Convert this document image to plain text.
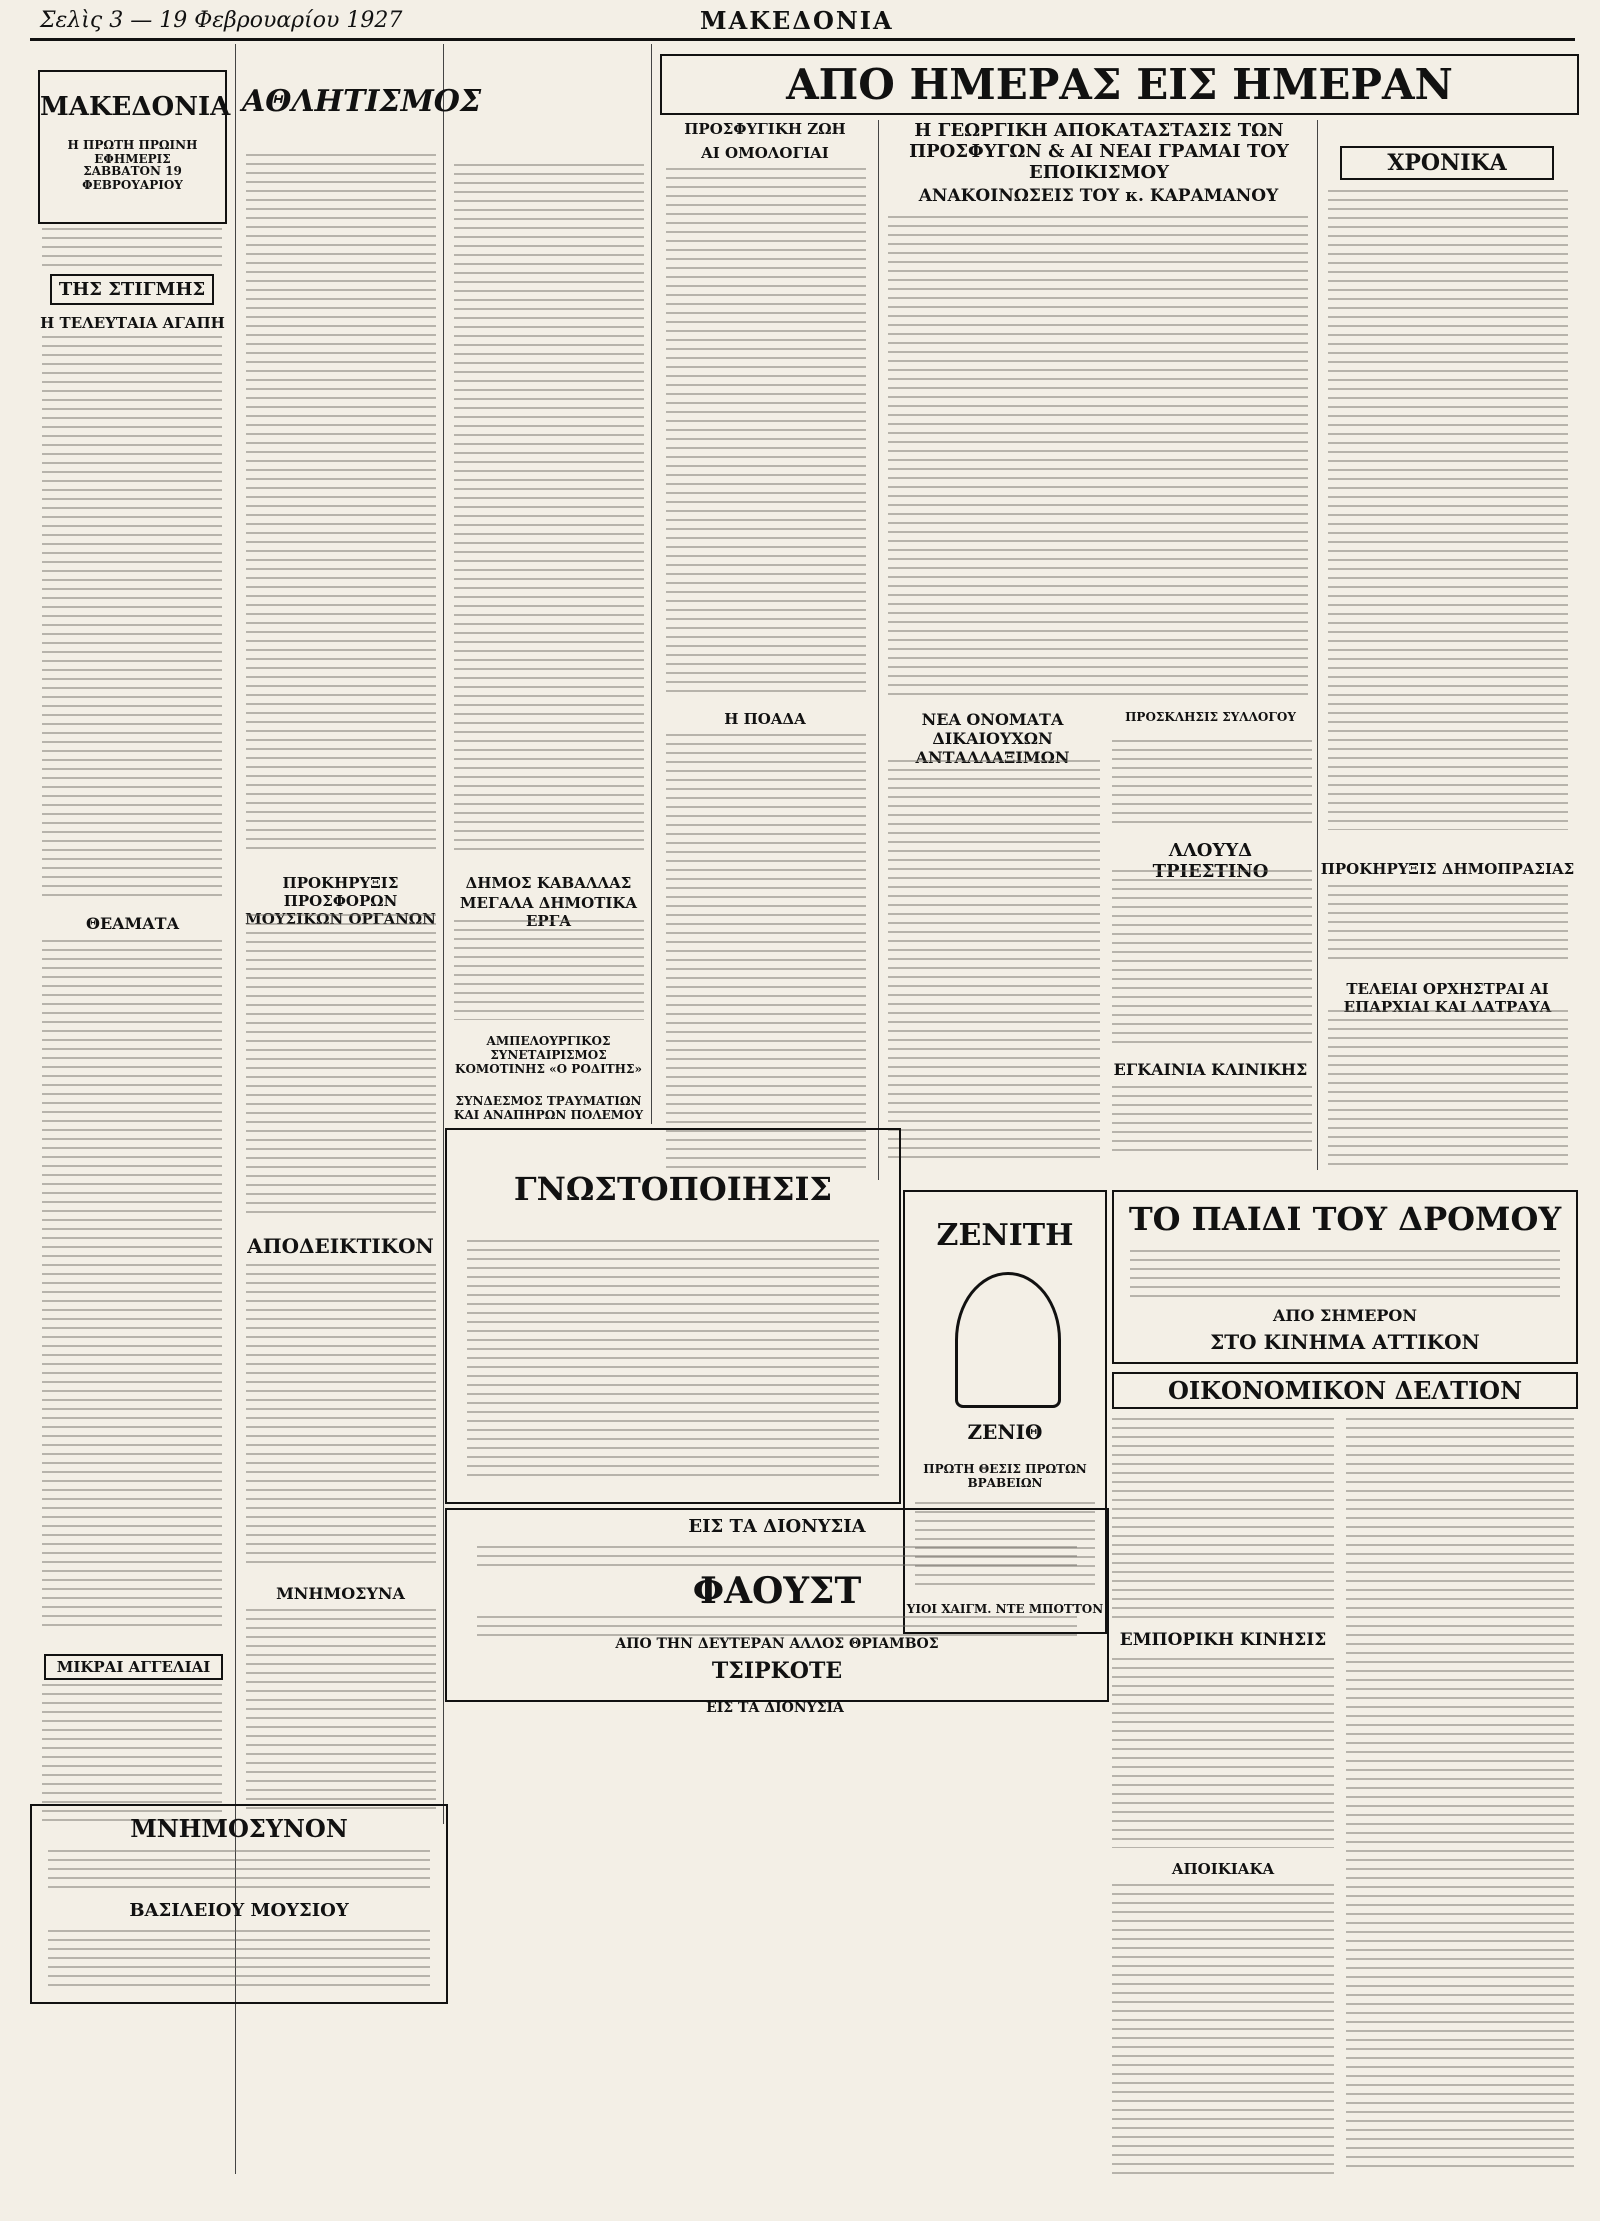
Σελὶς 3 — 19 Φεβρουαρίου 1927	ΜΑΚΕΔΟΝΙΑ
ΜΑΚΕΔΟΝΙΑ
Η ΠΡΩΤΗ ΠΡΩΙΝΗ ΕΦΗΜΕΡΙΣ
ΣΑΒΒΑΤΟΝ 19 ΦΕΒΡΟΥΑΡΙΟΥ
ΤΗΣ ΣΤΙΓΜΗΣ
Η ΤΕΛΕΥΤΑΙΑ ΑΓΑΠΗ
ΘΕΑΜΑΤΑ
ΜΙΚΡΑΙ ΑΓΓΕΛΙΑΙ
ΑΘΛΗΤΙΣΜΟΣ
ΠΡΟΚΗΡΥΞΙΣ ΠΡΟΣΦΟΡΩΝ ΜΟΥΣΙΚΩΝ ΟΡΓΑΝΩΝ
ΑΠΟΔΕΙΚΤΙΚΟΝ
ΜΝΗΜΟΣΥΝΑ
ΔΗΜΟΣ ΚΑΒΑΛΛΑΣ
ΜΕΓΑΛΑ ΔΗΜΟΤΙΚΑ ΕΡΓΑ
ΑΜΠΕΛΟΥΡΓΙΚΟΣ ΣΥΝΕΤΑΙΡΙΣΜΟΣ ΚΟΜΟΤΙΝΗΣ «Ο ΡΟΔΙΤΗΣ»
ΣΥΝΔΕΣΜΟΣ ΤΡΑΥΜΑΤΙΩΝ ΚΑΙ ΑΝΑΠΗΡΩΝ ΠΟΛΕΜΟΥ
ΑΠΟ ΗΜΕΡΑΣ ΕΙΣ ΗΜΕΡΑΝ
ΠΡΟΣΦΥΓΙΚΗ ΖΩΗ
ΑΙ ΟΜΟΛΟΓΙΑΙ
Η ΠΟΑΔΑ
Η ΓΕΩΡΓΙΚΗ ΑΠΟΚΑΤΑΣΤΑΣΙΣ ΤΩΝ ΠΡΟΣΦΥΓΩΝ & ΑΙ ΝΕΑΙ ΓΡΑΜΑΙ ΤΟΥ ΕΠΟΙΚΙΣΜΟΥ
ΑΝΑΚΟΙΝΩΣΕΙΣ ΤΟΥ κ. ΚΑΡΑΜΑΝΟΥ
ΝΕΑ ΟΝΟΜΑΤΑ ΔΙΚΑΙΟΥΧΩΝ ΑΝΤΑΛΛΑΞΙΜΩΝ
ΠΡΟΣΚΛΗΣΙΣ ΣΥΛΛΟΓΟΥ
ΛΛΟΥΥΔ ΤΡΙΕΣΤΙΝΟ
ΕΓΚΑΙΝΙΑ ΚΛΙΝΙΚΗΣ
ΧΡΟΝΙΚΑ
ΠΡΟΚΗΡΥΞΙΣ ΔΗΜΟΠΡΑΣΙΑΣ
ΤΕΛΕΙΑΙ ΟΡΧΗΣΤΡΑΙ ΑΙ ΕΠΑΡΧΙΑΙ ΚΑΙ ΛΑΤΡΑΥΑ
ΤΟ ΠΑΙΔΙ ΤΟΥ ΔΡΟΜΟΥ
ΑΠΟ ΣΗΜΕΡΟΝ
ΣΤΟ ΚΙΝΗΜΑ ΑΤΤΙΚΟΝ
ΟΙΚΟΝΟΜΙΚΟΝ ΔΕΛΤΙΟΝ
ΕΜΠΟΡΙΚΗ ΚΙΝΗΣΙΣ
ΑΠΟΙΚΙΑΚΑ
ΓΝΩΣΤΟΠΟΙΗΣΙΣ
ZENITH
ΖΕΝΙΘ
ΠΡΩΤΗ ΘΕΣΙΣ ΠΡΩΤΩΝ ΒΡΑΒΕΙΩΝ
ΥΙΟΙ ΧΑΙΓΜ. ΝΤΕ ΜΠΟΤΤΟΝ
ΕΙΣ ΤΑ ΔΙΟΝΥΣΙΑ
ΦΑΟΥΣΤ
ΑΠΟ ΤΗΝ ΔΕΥΤΕΡΑΝ ΑΛΛΟΣ ΘΡΙΑΜΒΟΣ
ΤΣΙΡΚΟΤΕ
ΕΙΣ ΤΑ ΔΙΟΝΥΣΙΑ
ΜΝΗΜΟΣΥΝΟΝ
ΒΑΣΙΛΕΙΟΥ ΜΟΥΣΙΟΥ
